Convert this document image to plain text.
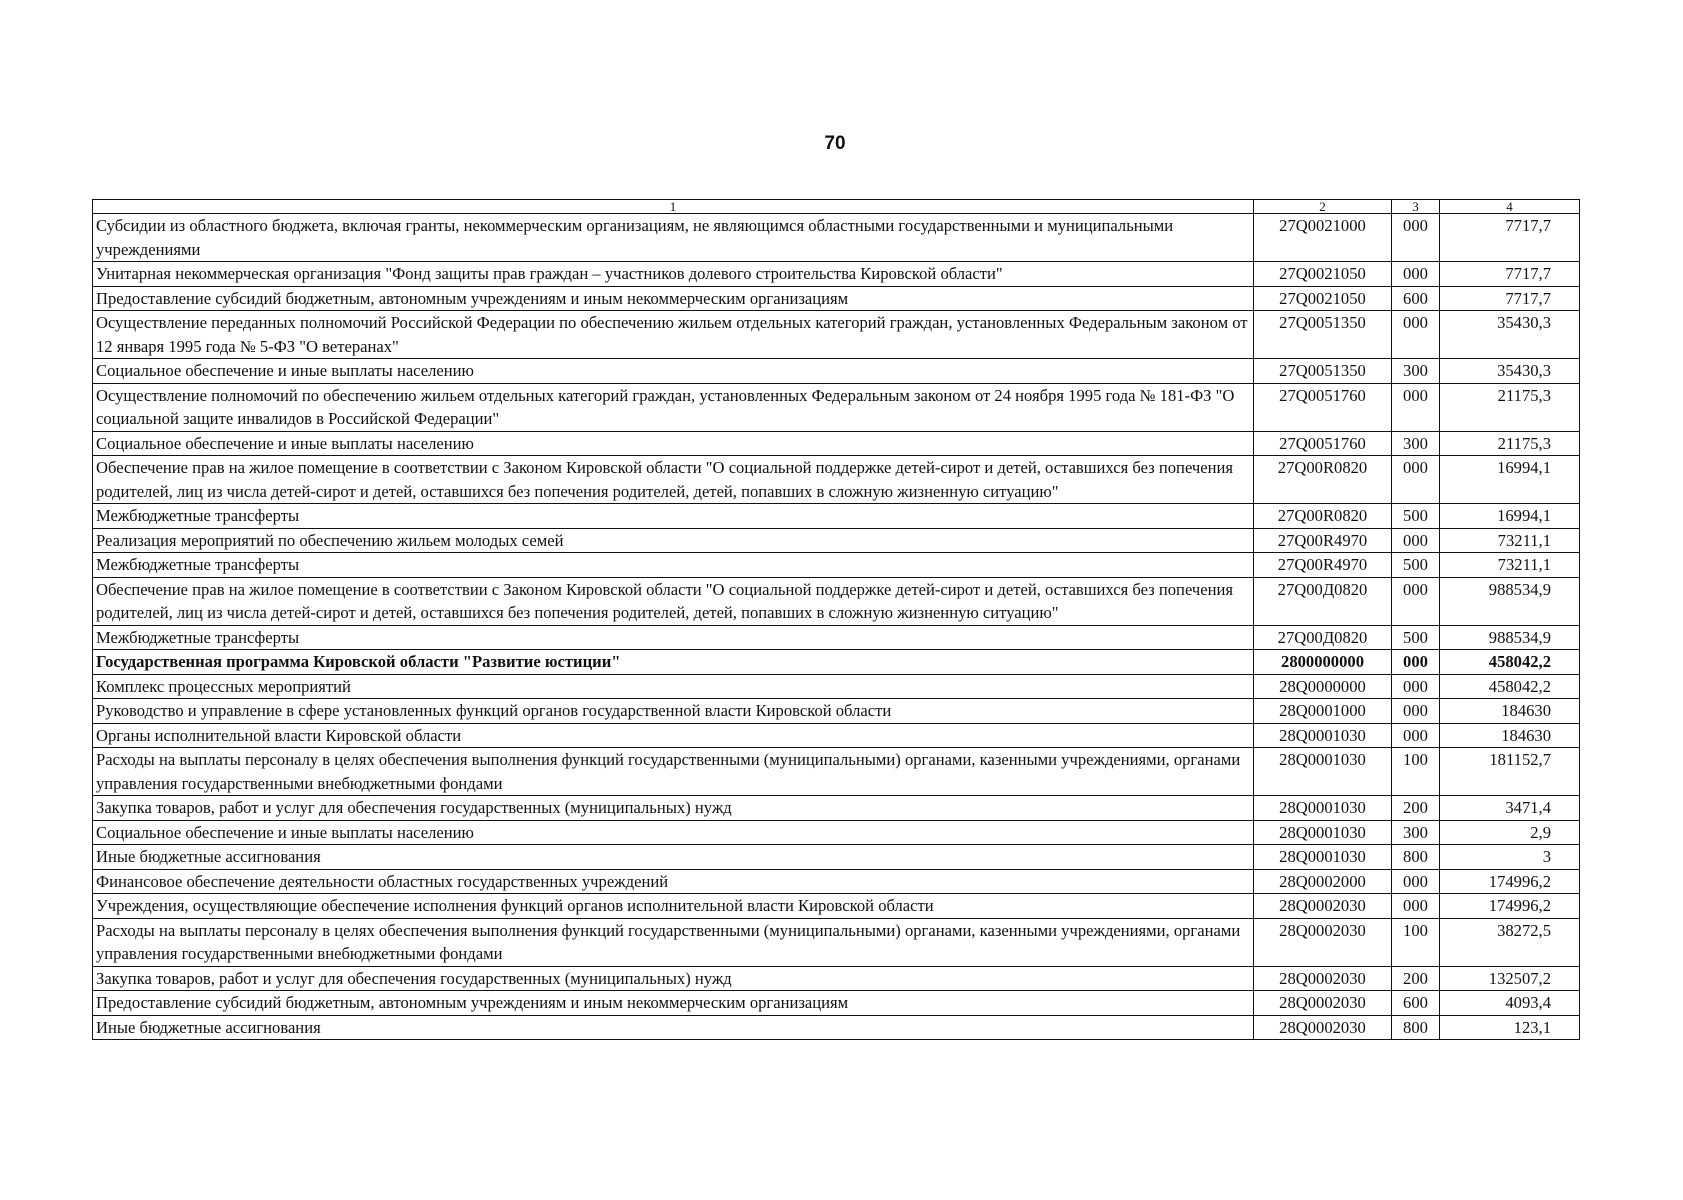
70
1	2	3	4
Субсидии из областного бюджета, включая гранты, некоммерческим организациям, не являющимся областными государственными и муниципальными учреждениями	27Q0021000	000	7717,7
Унитарная некоммерческая организация "Фонд защиты прав граждан – участников долевого строительства Кировской области"	27Q0021050	000	7717,7
Предоставление субсидий бюджетным, автономным учреждениям и иным некоммерческим организациям	27Q0021050	600	7717,7
Осуществление переданных полномочий Российской Федерации по обеспечению жильем отдельных категорий граждан, установленных Федеральным законом от 12 января 1995 года № 5-ФЗ "О ветеранах"	27Q0051350	000	35430,3
Социальное обеспечение и иные выплаты населению	27Q0051350	300	35430,3
Осуществление полномочий по обеспечению жильем отдельных категорий граждан, установленных Федеральным законом от 24 ноября 1995 года № 181-ФЗ "О социальной защите инвалидов в Российской Федерации"	27Q0051760	000	21175,3
Социальное обеспечение и иные выплаты населению	27Q0051760	300	21175,3
Обеспечение прав на жилое помещение в соответствии с Законом Кировской области "О социальной поддержке детей-сирот и детей, оставшихся без попечения родителей, лиц из числа детей-сирот и детей, оставшихся без попечения родителей, детей, попавших в сложную жизненную ситуацию"	27Q00R0820	000	16994,1
Межбюджетные трансферты	27Q00R0820	500	16994,1
Реализация мероприятий по обеспечению жильем молодых семей	27Q00R4970	000	73211,1
Межбюджетные трансферты	27Q00R4970	500	73211,1
Обеспечение прав на жилое помещение в соответствии с Законом Кировской области "О социальной поддержке детей-сирот и детей, оставшихся без попечения родителей, лиц из числа детей-сирот и детей, оставшихся без попечения родителей, детей, попавших в сложную жизненную ситуацию"	27Q00Д0820	000	988534,9
Межбюджетные трансферты	27Q00Д0820	500	988534,9
Государственная программа Кировской области "Развитие юстиции"	2800000000	000	458042,2
Комплекс процессных мероприятий	28Q0000000	000	458042,2
Руководство и управление в сфере установленных функций органов государственной власти Кировской области	28Q0001000	000	184630
Органы исполнительной власти Кировской области	28Q0001030	000	184630
Расходы на выплаты персоналу в целях обеспечения выполнения функций государственными (муниципальными) органами, казенными учреждениями, органами управления государственными внебюджетными фондами	28Q0001030	100	181152,7
Закупка товаров, работ и услуг для обеспечения государственных (муниципальных) нужд	28Q0001030	200	3471,4
Социальное обеспечение и иные выплаты населению	28Q0001030	300	2,9
Иные бюджетные ассигнования	28Q0001030	800	3
Финансовое обеспечение деятельности областных государственных учреждений	28Q0002000	000	174996,2
Учреждения, осуществляющие обеспечение исполнения функций органов исполнительной власти Кировской области	28Q0002030	000	174996,2
Расходы на выплаты персоналу в целях обеспечения выполнения функций государственными (муниципальными) органами, казенными учреждениями, органами управления государственными внебюджетными фондами	28Q0002030	100	38272,5
Закупка товаров, работ и услуг для обеспечения государственных (муниципальных) нужд	28Q0002030	200	132507,2
Предоставление субсидий бюджетным, автономным учреждениям и иным некоммерческим организациям	28Q0002030	600	4093,4
Иные бюджетные ассигнования	28Q0002030	800	123,1
